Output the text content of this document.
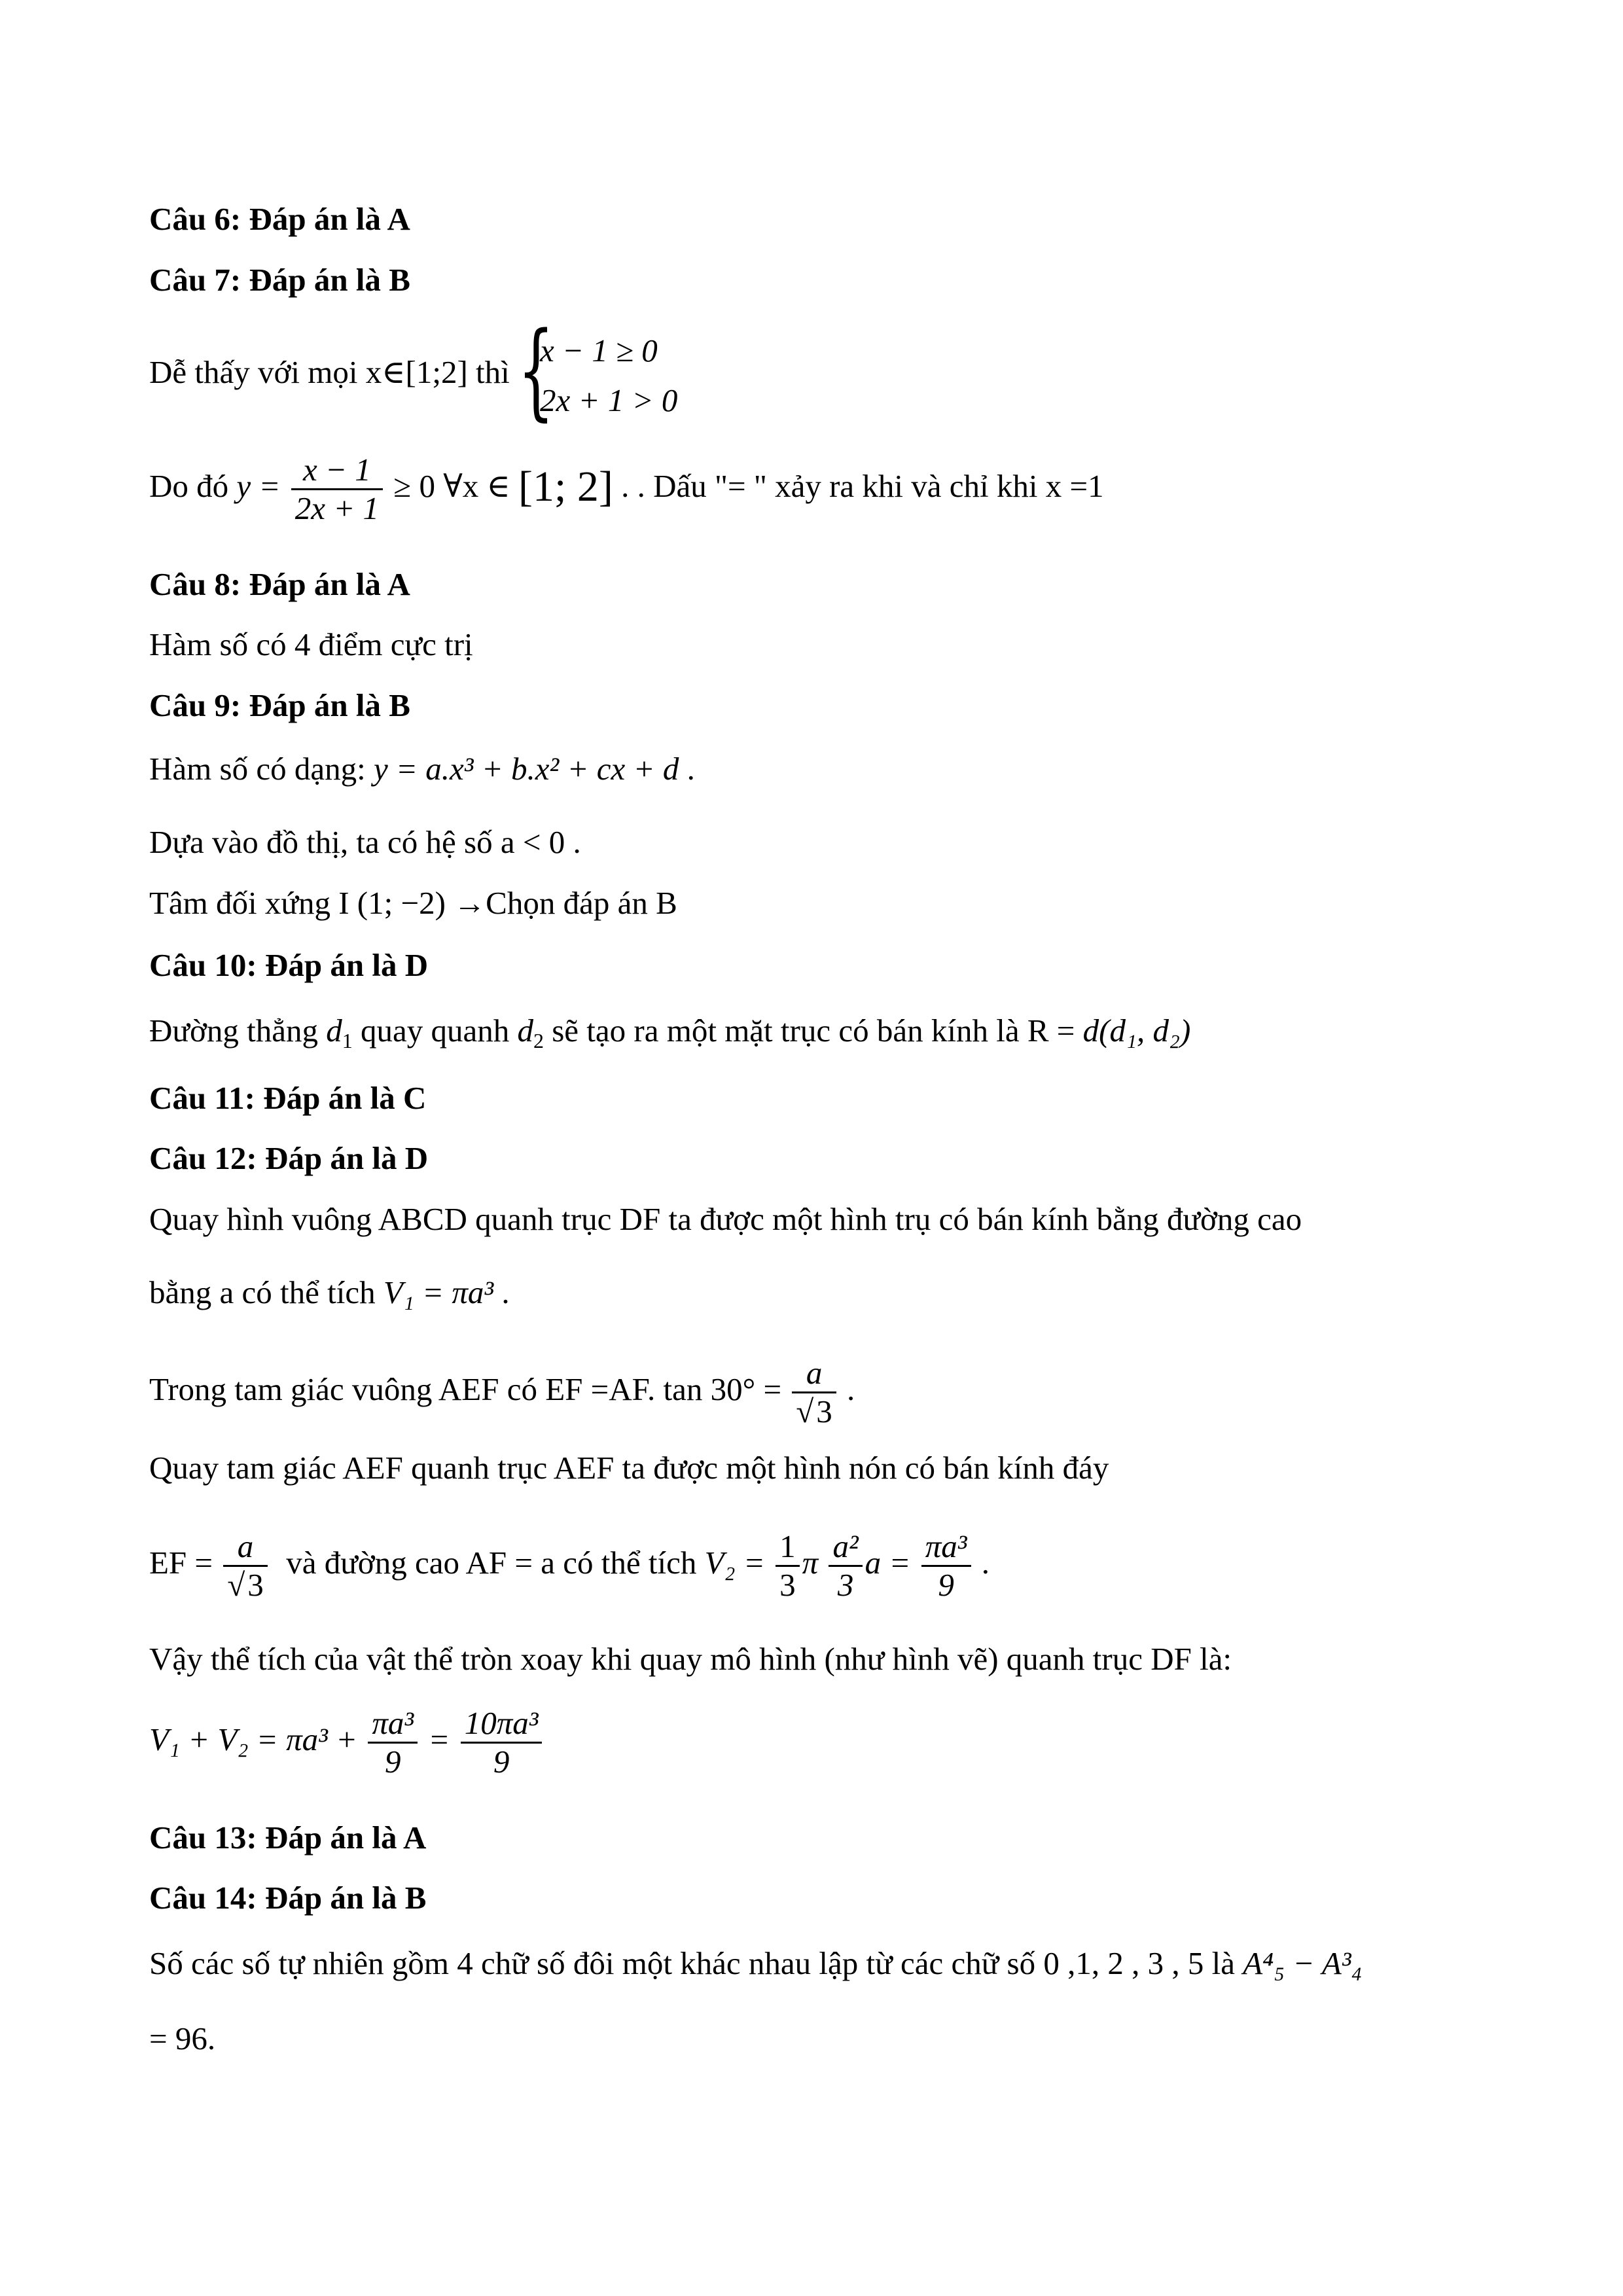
Câu 6: Đáp án là A
Câu 7: Đáp án là B
Dễ thấy với mọi x∈[1;2] thì {
x − 1 ≥ 0
2x + 1 > 0
Do đó $y = \frac{x - 1}{2x + 1} \ge 0$ ∀x ∈ [1; 2] . . Dấu "= " xảy ra khi và chỉ khi x =1
Câu 8: Đáp án là A
Hàm số có 4 điểm cực trị
Câu 9: Đáp án là B
Hàm số có dạng: y = a.x³ + b.x² + cx + d .
Dựa vào đồ thị, ta có hệ số a < 0 .
Tâm đối xứng I (1; −2) →Chọn đáp án B
Câu 10: Đáp án là D
Đường thẳng $d_1$ quay quanh $d_2$ sẽ tạo ra một mặt trục có bán kính là R = d(d₁, d₂)
Câu 11: Đáp án là C
Câu 12: Đáp án là D
Quay hình vuông ABCD quanh trục DF ta được một hình trụ có bán kính bằng đường cao
bằng a có thể tích V₁ = πa³ .
Trong tam giác vuông AEF có EF =AF. $\tan 30^\circ = \frac{a}{√3}$ .
Quay tam giác AEF quanh trục AEF ta được một hình nón có bán kính đáy
EF = $\frac{a}{√3}$ và đường cao AF = a có thể tích $V_2 = \frac{1}{3}$ π $\frac{\text{a²}}{3}$ $a = \frac{\text{πa³}}{9}$ .
Vậy thể tích của vật thể tròn xoay khi quay mô hình (như hình vẽ) quanh trục DF là:
$V_1 + V_2 = \pi a^3 + \frac{\text{πa³}}{9} = \frac{\text{10πa³}}{9}$
Câu 13: Đáp án là A
Câu 14: Đáp án là B
Số các số tự nhiên gồm 4 chữ số đôi một khác nhau lập từ các chữ số 0 ,1, 2 , 3 , 5 là A⁴₅ − A³₄
= 96.
